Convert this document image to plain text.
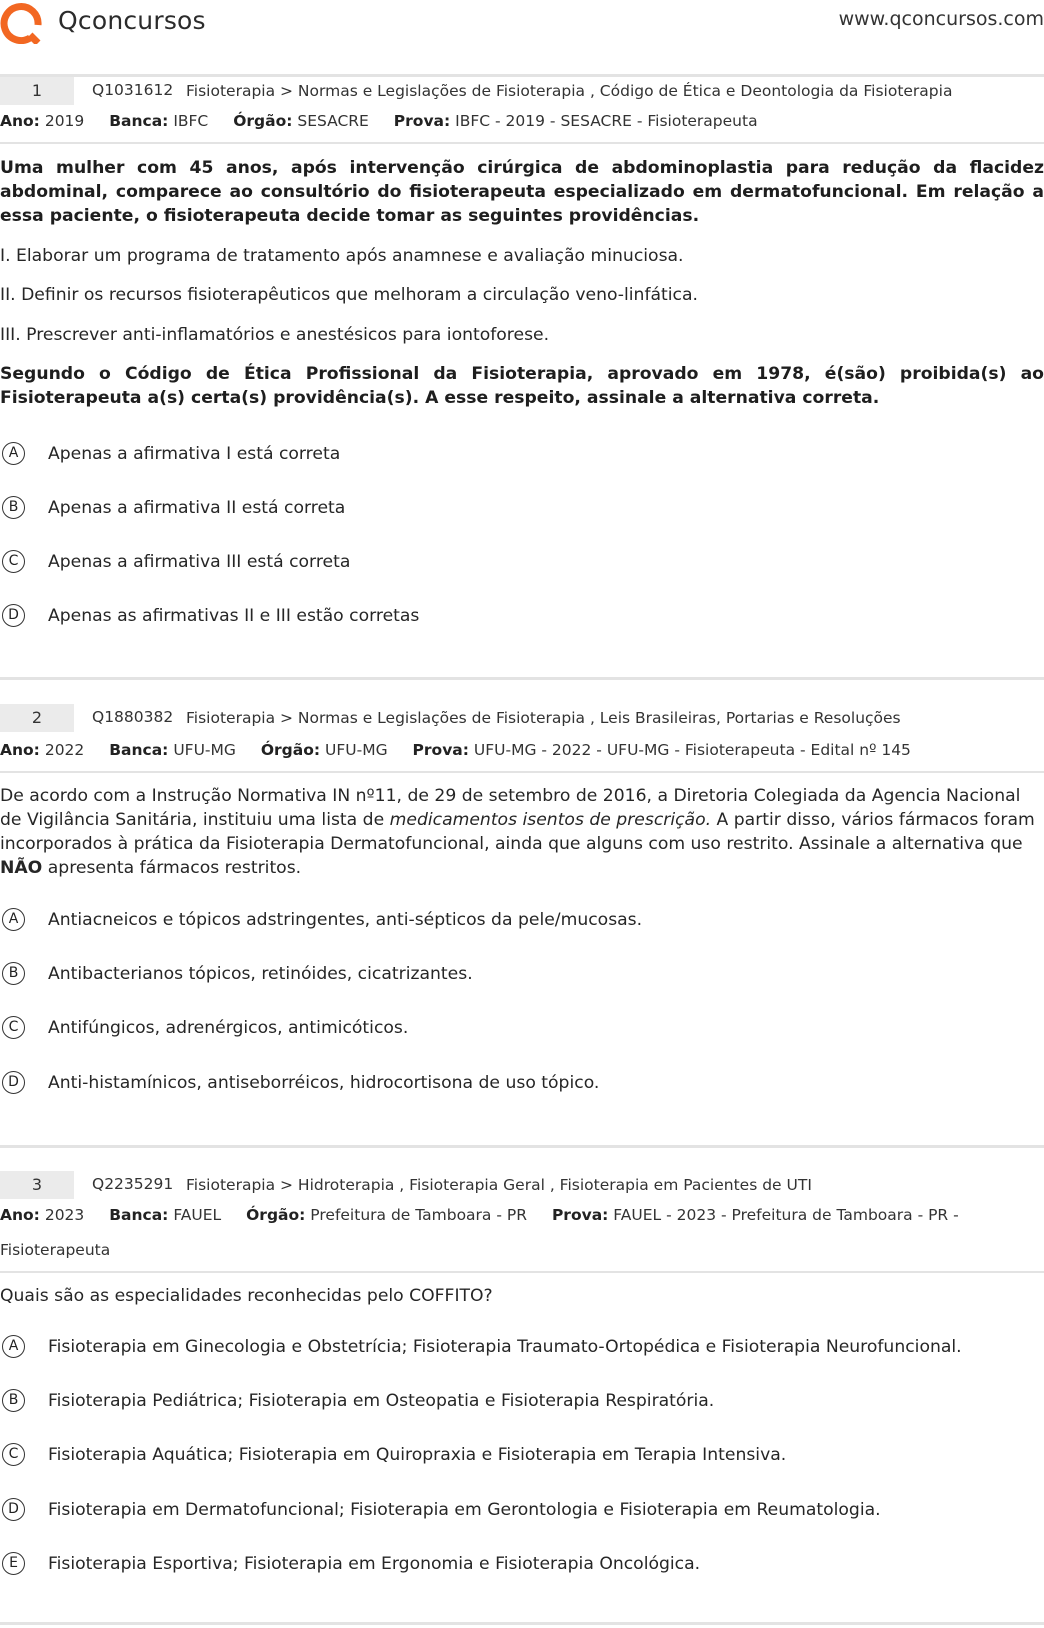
Qconcursos	www.qconcursos.com
1	Q1031612 Fisioterapia > Normas e Legislações de Fisioterapia , Código de Ética e Deontologia da Fisioterapia
Ano: 2019 Banca: IBFC Órgão: SESACRE Prova: IBFC - 2019 - SESACRE - Fisioterapeuta
Uma mulher com 45 anos, após intervenção cirúrgica de abdominoplastia para redução da flacidez abdominal, comparece ao consultório do fisioterapeuta especializado em dermatofuncional. Em relação a essa paciente, o fisioterapeuta decide tomar as seguintes providências.
I. Elaborar um programa de tratamento após anamnese e avaliação minuciosa.
II. Definir os recursos fisioterapêuticos que melhoram a circulação veno-linfática.
III. Prescrever anti-inflamatórios e anestésicos para iontoforese.
Segundo o Código de Ética Profissional da Fisioterapia, aprovado em 1978, é(são) proibida(s) ao Fisioterapeuta a(s) certa(s) providência(s). A esse respeito, assinale a alternativa correta.
A	Apenas a afirmativa I está correta
B	Apenas a afirmativa II está correta
C	Apenas a afirmativa III está correta
D	Apenas as afirmativas II e III estão corretas
2	Q1880382 Fisioterapia > Normas e Legislações de Fisioterapia , Leis Brasileiras, Portarias e Resoluções
Ano: 2022 Banca: UFU-MG Órgão: UFU-MG Prova: UFU-MG - 2022 - UFU-MG - Fisioterapeuta - Edital nº 145
De acordo com a Instrução Normativa IN nº11, de 29 de setembro de 2016, a Diretoria Colegiada da Agencia Nacional de Vigilância Sanitária, instituiu uma lista de medicamentos isentos de prescrição. A partir disso, vários fármacos foram incorporados à prática da Fisioterapia Dermatofuncional, ainda que alguns com uso restrito. Assinale a alternativa que NÃO apresenta fármacos restritos.
A	Antiacneicos e tópicos adstringentes, anti-sépticos da pele/mucosas.
B	Antibacterianos tópicos, retinóides, cicatrizantes.
C	Antifúngicos, adrenérgicos, antimicóticos.
D	Anti-histamínicos, antiseborréicos, hidrocortisona de uso tópico.
3	Q2235291 Fisioterapia > Hidroterapia , Fisioterapia Geral , Fisioterapia em Pacientes de UTI
Ano: 2023 Banca: FAUEL Órgão: Prefeitura de Tamboara - PR Prova: FAUEL - 2023 - Prefeitura de Tamboara - PR -
Fisioterapeuta
Quais são as especialidades reconhecidas pelo COFFITO?
A	Fisioterapia em Ginecologia e Obstetrícia; Fisioterapia Traumato-Ortopédica e Fisioterapia Neurofuncional.
B	Fisioterapia Pediátrica; Fisioterapia em Osteopatia e Fisioterapia Respiratória.
C	Fisioterapia Aquática; Fisioterapia em Quiropraxia e Fisioterapia em Terapia Intensiva.
D	Fisioterapia em Dermatofuncional; Fisioterapia em Gerontologia e Fisioterapia em Reumatologia.
E	Fisioterapia Esportiva; Fisioterapia em Ergonomia e Fisioterapia Oncológica.
